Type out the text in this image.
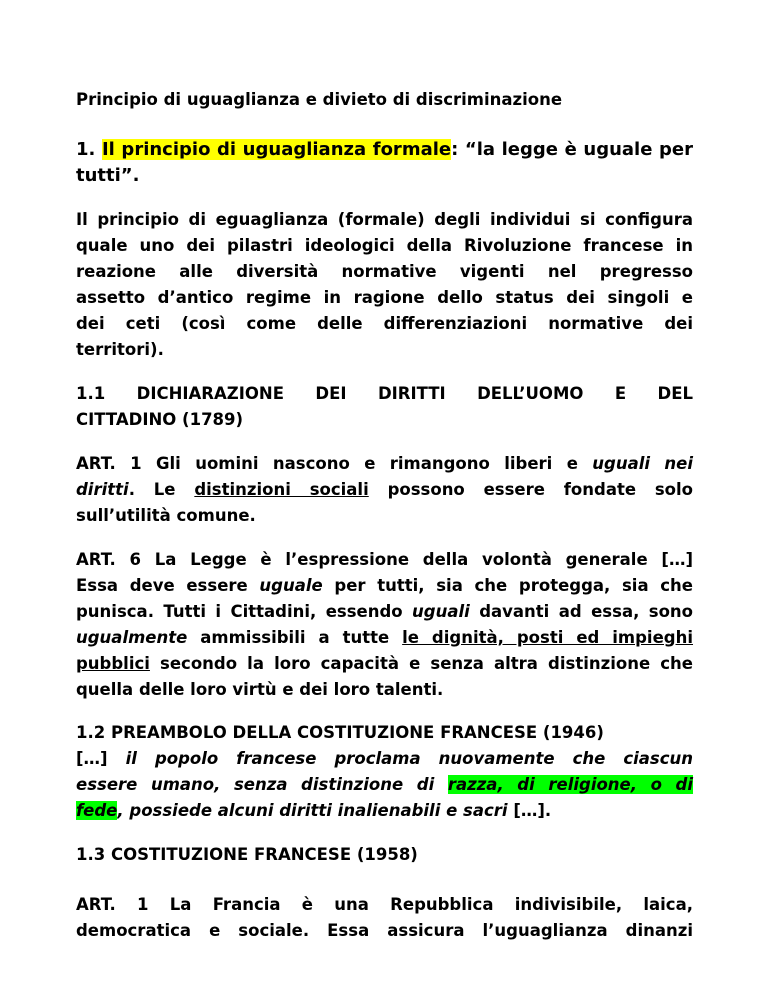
Principio di uguaglianza e divieto di discriminazione
1. Il principio di uguaglianza formale: “la legge è uguale per
tutti”.
Il principio di eguaglianza (formale) degli individui si configura
quale uno dei pilastri ideologici della Rivoluzione francese in
reazione alle diversità normative vigenti nel pregresso
assetto d’antico regime in ragione dello status dei singoli e
dei ceti (così come delle differenziazioni normative dei
territori).
1.1 DICHIARAZIONE DEI DIRITTI DELL’UOMO E DEL
CITTADINO (1789)
ART. 1 Gli uomini nascono e rimangono liberi e uguali nei
diritti. Le distinzioni sociali possono essere fondate solo
sull’utilità comune.
ART. 6 La Legge è l’espressione della volontà generale […]
Essa deve essere uguale per tutti, sia che protegga, sia che
punisca. Tutti i Cittadini, essendo uguali davanti ad essa, sono
ugualmente ammissibili a tutte le dignità, posti ed impieghi
pubblici secondo la loro capacità e senza altra distinzione che
quella delle loro virtù e dei loro talenti.
1.2 PREAMBOLO DELLA COSTITUZIONE FRANCESE (1946)
[…] il popolo francese proclama nuovamente che ciascun
essere umano, senza distinzione di razza, di religione, o di
fede, possiede alcuni diritti inalienabili e sacri […].
1.3 COSTITUZIONE FRANCESE (1958)
ART. 1 La Francia è una Repubblica indivisibile, laica,
democratica e sociale. Essa assicura l’uguaglianza dinanzi
